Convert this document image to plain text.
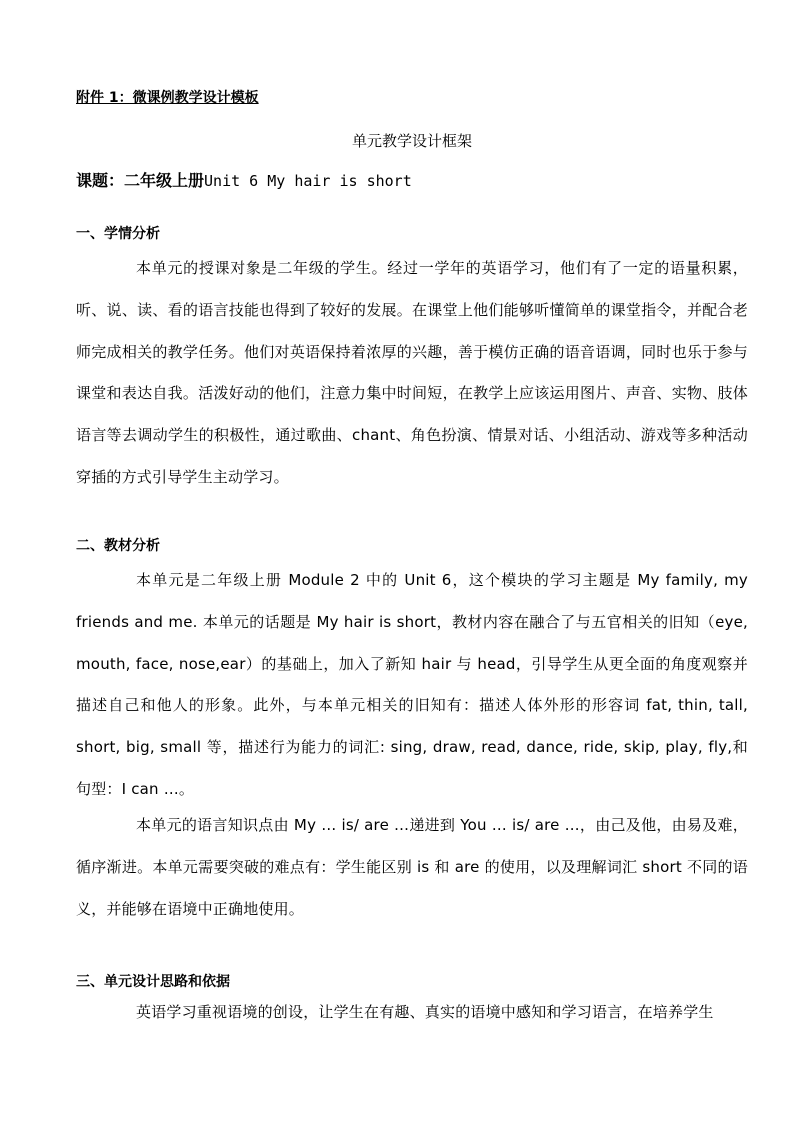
附件 1：微课例教学设计模板
单元教学设计框架
课题：二年级上册Unit 6 My hair is short
一、学情分析

本单元的授课对象是二年级的学生。经过一学年的英语学习，他们有了一定的语量积累，听、说、读、看的语言技能也得到了较好的发展。在课堂上他们能够听懂简单的课堂指令，并配合老师完成相关的教学任务。他们对英语保持着浓厚的兴趣，善于模仿正确的语音语调，同时也乐于参与课堂和表达自我。活泼好动的他们，注意力集中时间短，在教学上应该运用图片、声音、实物、肢体语言等去调动学生的积极性，通过歌曲、chant、角色扮演、情景对话、小组活动、游戏等多种活动穿插的方式引导学生主动学习。

二、教材分析

本单元是二年级上册 Module 2 中的 Unit 6，这个模块的学习主题是 My family, my friends and me. 本单元的话题是 My hair is short，教材内容在融合了与五官相关的旧知（eye, mouth, face, nose,ear）的基础上，加入了新知 hair 与 head，引导学生从更全面的角度观察并描述自己和他人的形象。此外，与本单元相关的旧知有：描述人体外形的形容词 fat, thin, tall, short, big, small 等，描述行为能力的词汇: sing, draw, read, dance, ride, skip, play, fly,和句型：I can …。

本单元的语言知识点由 My … is/ are …递进到 You … is/ are …，由己及他，由易及难，循序渐进。本单元需要突破的难点有：学生能区别 is 和 are 的使用，以及理解词汇 short 不同的语义，并能够在语境中正确地使用。

三、单元设计思路和依据

英语学习重视语境的创设，让学生在有趣、真实的语境中感知和学习语言，在培养学生
